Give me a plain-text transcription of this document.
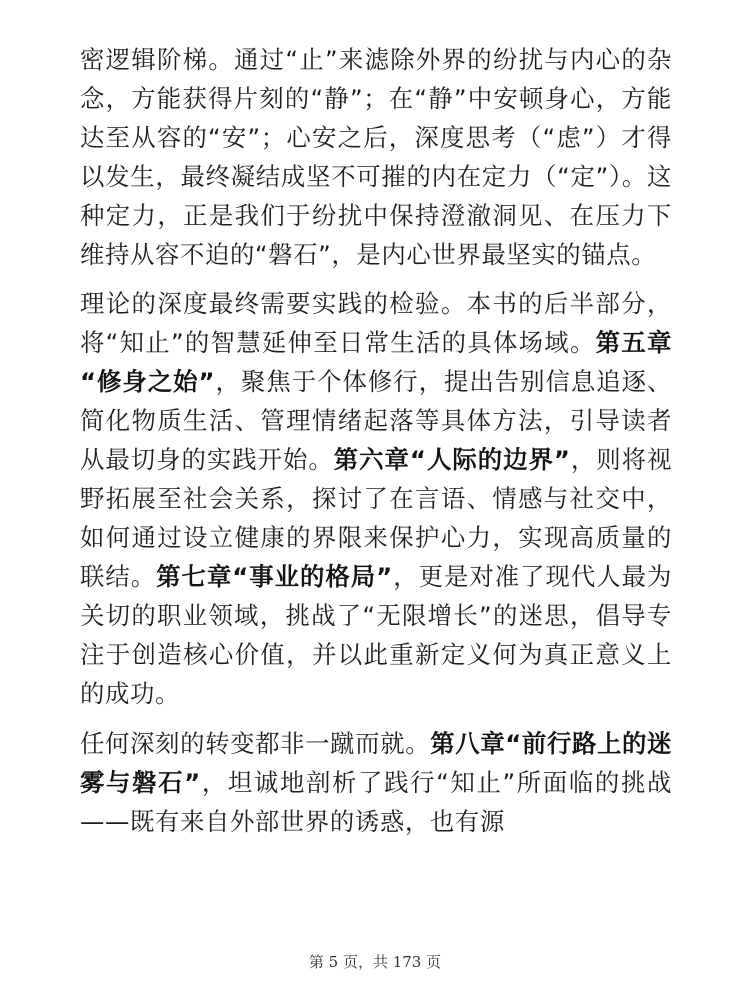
密逻辑阶梯。通过“止”来滤除外界的纷扰与内心的杂念，方能获得片刻的“静”；在“静”中安顿身心，方能达至从容的“安”；心安之后，深度思考（“虑”）才得以发生，最终凝结成坚不可摧的内在定力（“定”）。这种定力，正是我们于纷扰中保持澄澈洞见、在压力下维持从容不迫的“磐石”，是内心世界最坚实的锚点。

理论的深度最终需要实践的检验。本书的后半部分，将“知止”的智慧延伸至日常生活的具体场域。第五章“修身之始”，聚焦于个体修行，提出告别信息追逐、简化物质生活、管理情绪起落等具体方法，引导读者从最切身的实践开始。第六章“人际的边界”，则将视野拓展至社会关系，探讨了在言语、情感与社交中，如何通过设立健康的界限来保护心力，实现高质量的联结。第七章“事业的格局”，更是对准了现代人最为关切的职业领域，挑战了“无限增长”的迷思，倡导专注于创造核心价值，并以此重新定义何为真正意义上的成功。

任何深刻的转变都非一蹴而就。第八章“前行路上的迷雾与磐石”，坦诚地剖析了践行“知止”所面临的挑战——既有来自外部世界的诱惑，也有源

第 5 页，共 173 页
